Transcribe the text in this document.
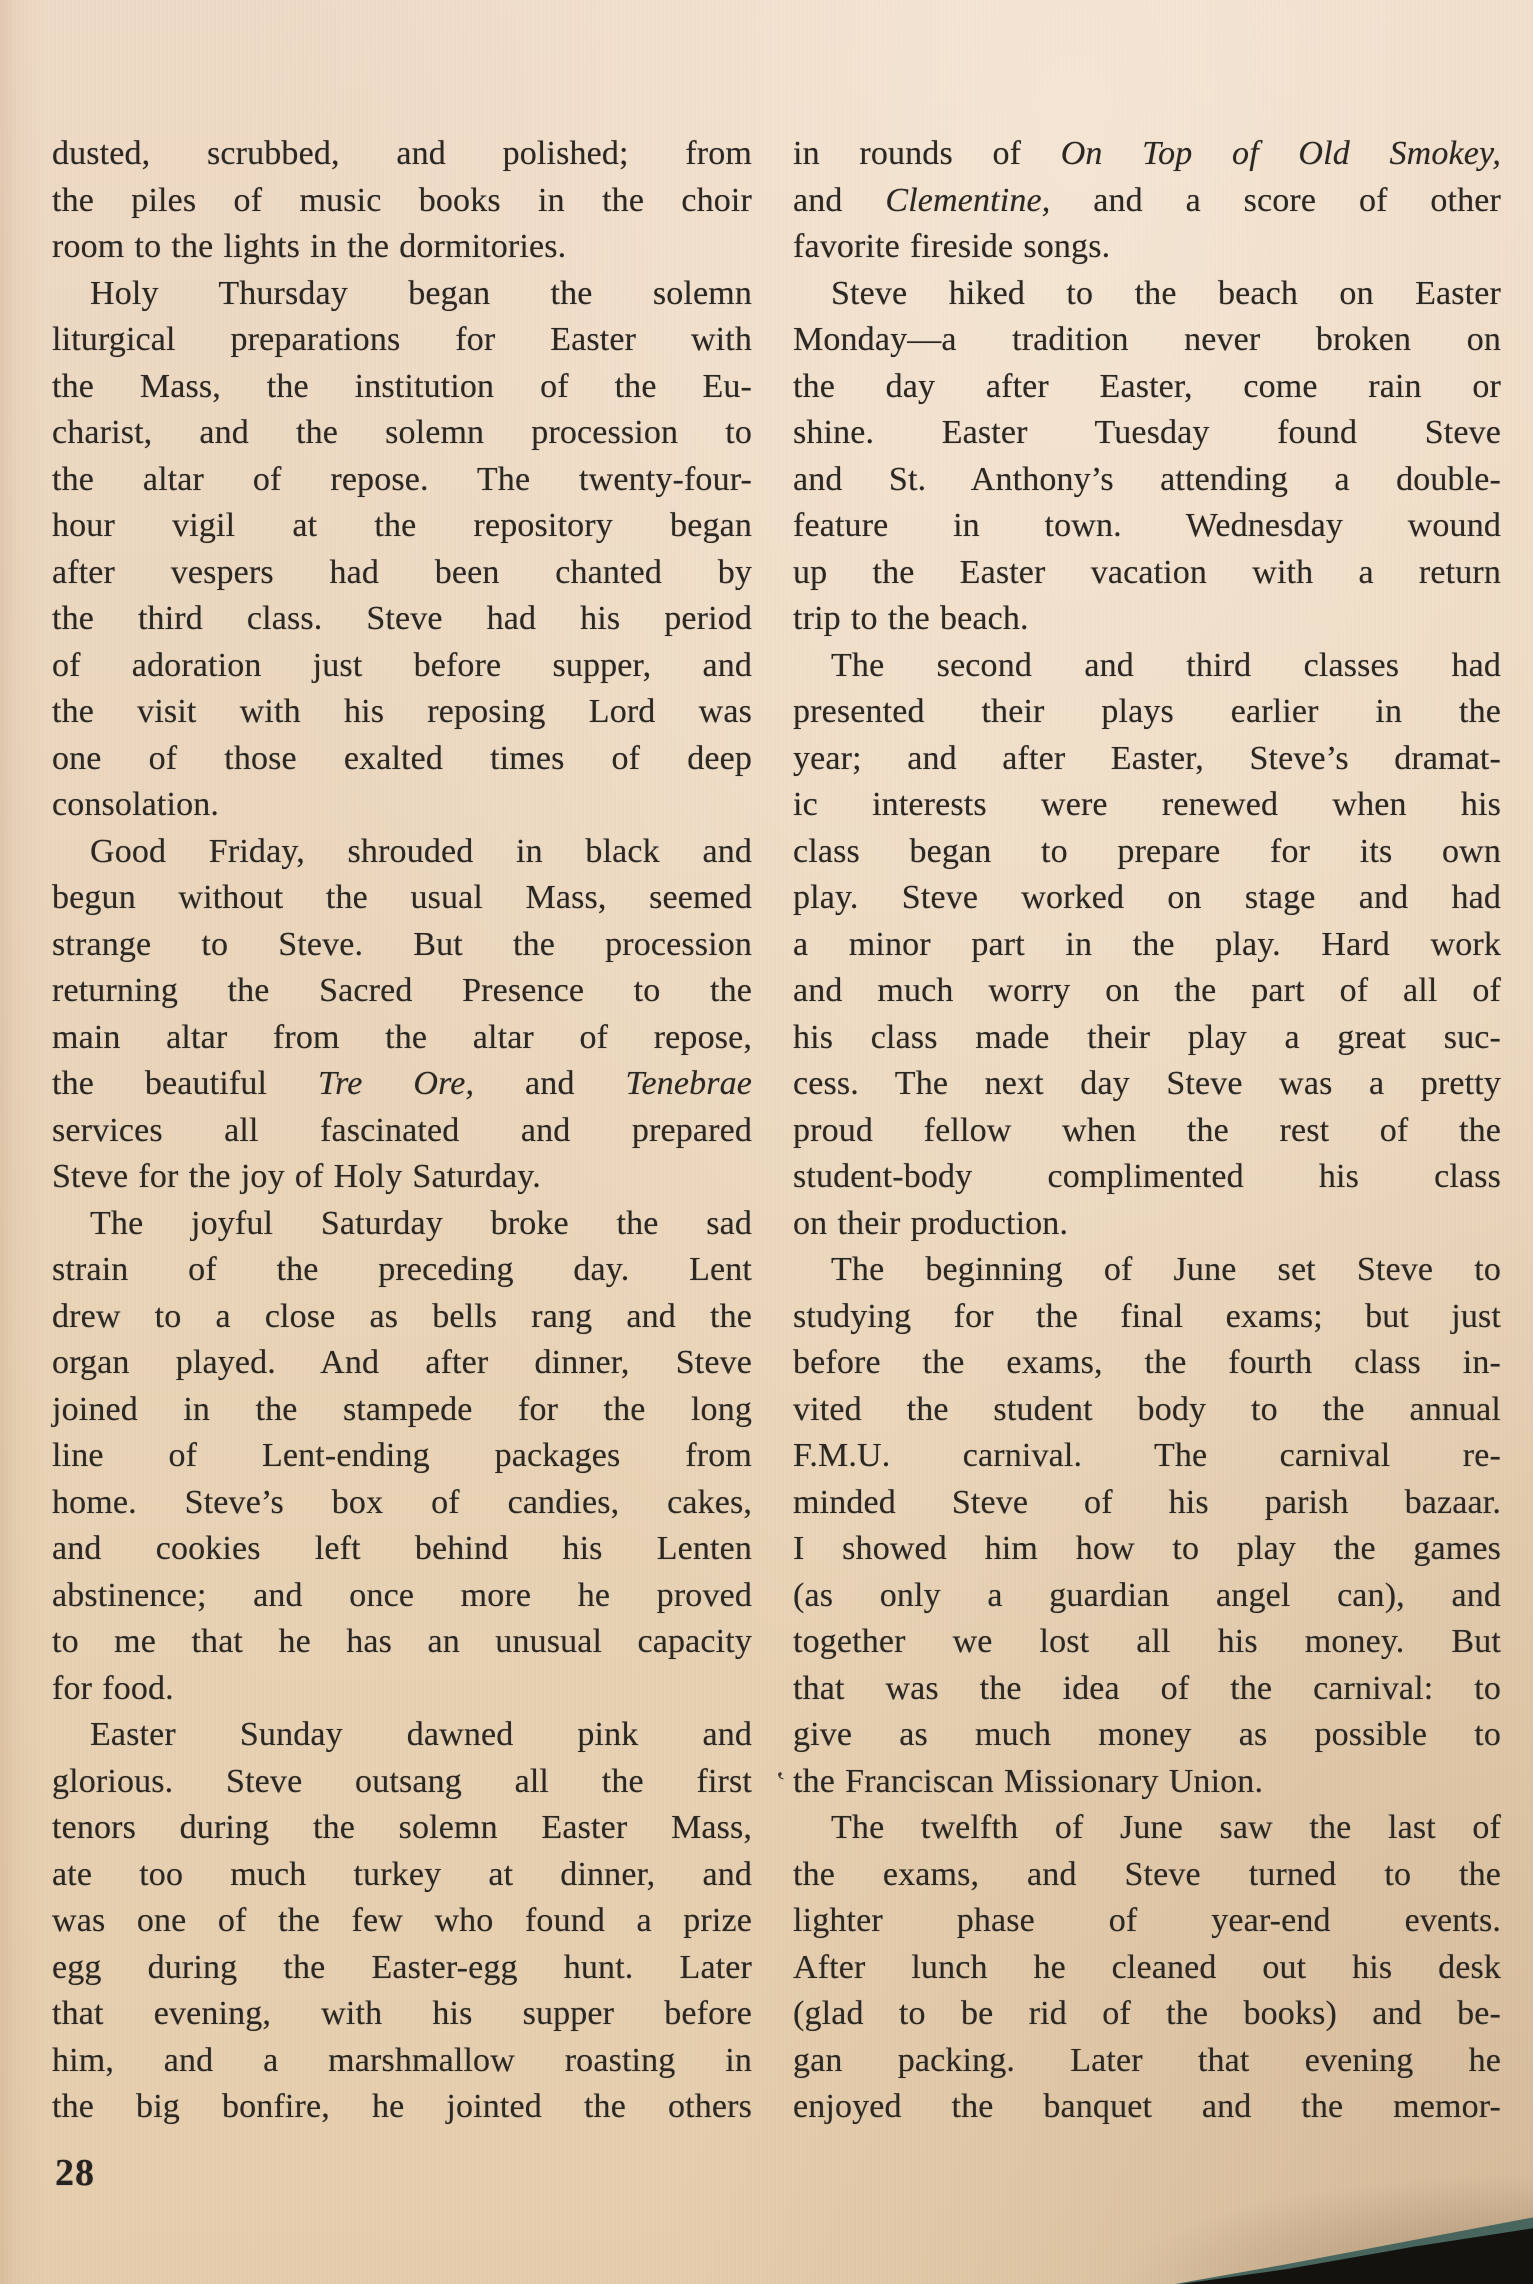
dusted, scrubbed, and polished; from
the piles of music books in the choir
room to the lights in the dormitories.
Holy Thursday began the solemn
liturgical preparations for Easter with
the Mass, the institution of the Eu-
charist, and the solemn procession to
the altar of repose. The twenty-four-
hour vigil at the repository began
after vespers had been chanted by
the third class. Steve had his period
of adoration just before supper, and
the visit with his reposing Lord was
one of those exalted times of deep
consolation.
Good Friday, shrouded in black and
begun without the usual Mass, seemed
strange to Steve. But the procession
returning the Sacred Presence to the
main altar from the altar of repose,
the beautiful Tre Ore, and Tenebrae
services all fascinated and prepared
Steve for the joy of Holy Saturday.
The joyful Saturday broke the sad
strain of the preceding day. Lent
drew to a close as bells rang and the
organ played. And after dinner, Steve
joined in the stampede for the long
line of Lent-ending packages from
home. Steve’s box of candies, cakes,
and cookies left behind his Lenten
abstinence; and once more he proved
to me that he has an unusual capacity
for food.
Easter Sunday dawned pink and
glorious. Steve outsang all the first
tenors during the solemn Easter Mass,
ate too much turkey at dinner, and
was one of the few who found a prize
egg during the Easter-egg hunt. Later
that evening, with his supper before
him, and a marshmallow roasting in
the big bonfire, he jointed the others
in rounds of On Top of Old Smokey,
and Clementine, and a score of other
favorite fireside songs.
Steve hiked to the beach on Easter
Monday—a tradition never broken on
the day after Easter, come rain or
shine. Easter Tuesday found Steve
and St. Anthony’s attending a double-
feature in town. Wednesday wound
up the Easter vacation with a return
trip to the beach.
The second and third classes had
presented their plays earlier in the
year; and after Easter, Steve’s dramat-
ic interests were renewed when his
class began to prepare for its own
play. Steve worked on stage and had
a minor part in the play. Hard work
and much worry on the part of all of
his class made their play a great suc-
cess. The next day Steve was a pretty
proud fellow when the rest of the
student-body complimented his class
on their production.
The beginning of June set Steve to
studying for the final exams; but just
before the exams, the fourth class in-
vited the student body to the annual
F.M.U. carnival. The carnival re-
minded Steve of his parish bazaar.
I showed him how to play the games
(as only a guardian angel can), and
together we lost all his money. But
that was the idea of the carnival: to
give as much money as possible to
the Franciscan Missionary Union.
The twelfth of June saw the last of
the exams, and Steve turned to the
lighter phase of year-end events.
After lunch he cleaned out his desk
(glad to be rid of the books) and be-
gan packing. Later that evening he
enjoyed the banquet and the memor-
28
‛
